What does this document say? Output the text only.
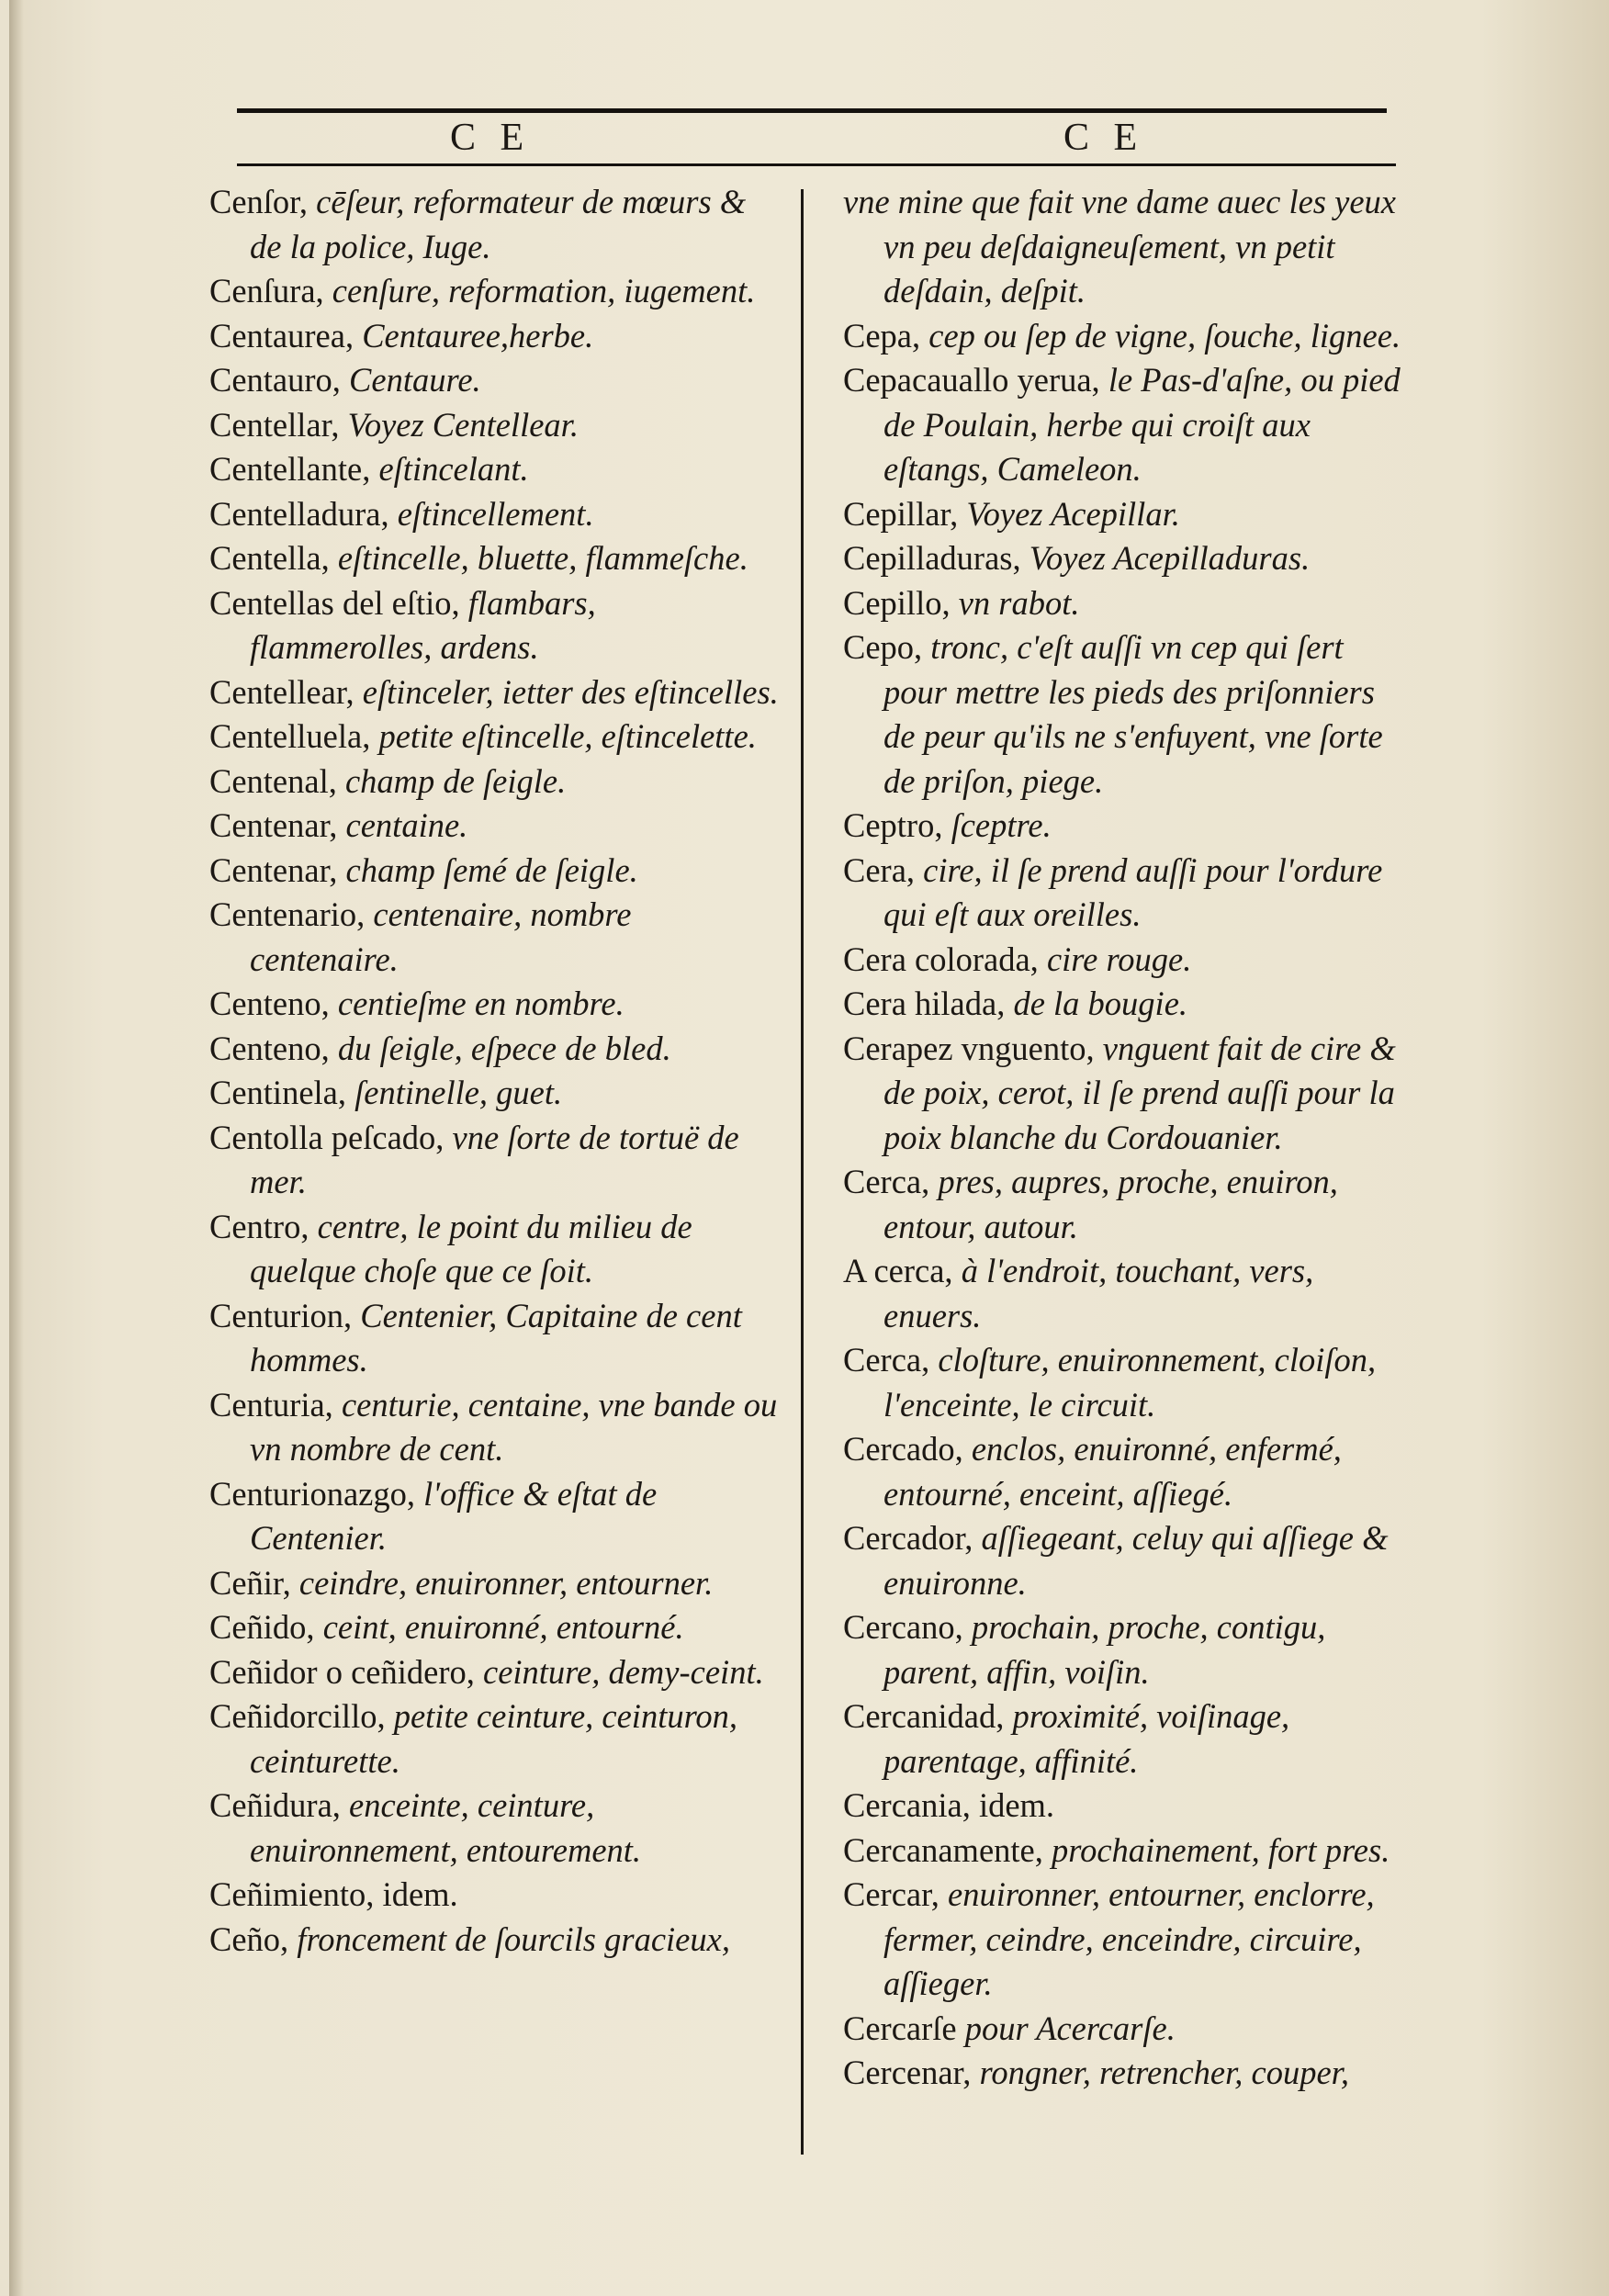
C E	C E

Cenſor, cēſeur, reformateur de mœurs & de la police, Iuge.

Cenſura, cenſure, reformation, iugement.

Centaurea, Centauree,herbe.

Centauro, Centaure.

Centellar, Voyez Centellear.

Centellante, eſtincelant.

Centelladura, eſtincellement.

Centella, eſtincelle, bluette, flammeſche.

Centellas del eſtio, flambars, flammerolles, ardens.

Centellear, eſtinceler, ietter des eſtincelles.

Centelluela, petite eſtincelle, eſtincelette.

Centenal, champ de ſeigle.

Centenar, centaine.

Centenar, champ ſemé de ſeigle.

Centenario, centenaire, nombre centenaire.

Centeno, centieſme en nombre.

Centeno, du ſeigle, eſpece de bled.

Centinela, ſentinelle, guet.

Centolla peſcado, vne ſorte de tortuë de mer.

Centro, centre, le point du milieu de quelque choſe que ce ſoit.

Centurion, Centenier, Capitaine de cent hommes.

Centuria, centurie, centaine, vne bande ou vn nombre de cent.

Centurionazgo, l'office & eſtat de Centenier.

Ceñir, ceindre, enuironner, entourner.

Ceñido, ceint, enuironné, entourné.

Ceñidor o ceñidero, ceinture, demy-ceint.

Ceñidorcillo, petite ceinture, ceinturon, ceinturette.

Ceñidura, enceinte, ceinture, enuironnement, entourement.

Ceñimiento, idem.

Ceño, froncement de ſourcils gracieux,

vne mine que fait vne dame auec les yeux vn peu deſdaigneuſement, vn petit deſdain, deſpit.

Cepa, cep ou ſep de vigne, ſouche, lignee.

Cepacauallo yerua, le Pas-d'aſne, ou pied de Poulain, herbe qui croiſt aux eſtangs, Cameleon.

Cepillar, Voyez Acepillar.

Cepilladuras, Voyez Acepilladuras.

Cepillo, vn rabot.

Cepo, tronc, c'eſt auſſi vn cep qui ſert pour mettre les pieds des priſonniers de peur qu'ils ne s'enfuyent, vne ſorte de priſon, piege.

Ceptro, ſceptre.

Cera, cire, il ſe prend auſſi pour l'ordure qui eſt aux oreilles.

Cera colorada, cire rouge.

Cera hilada, de la bougie.

Cerapez vnguento, vnguent fait de cire & de poix, cerot, il ſe prend auſſi pour la poix blanche du Cordouanier.

Cerca, pres, aupres, proche, enuiron, entour, autour.

A cerca, à l'endroit, touchant, vers, enuers.

Cerca, cloſture, enuironnement, cloiſon, l'enceinte, le circuit.

Cercado, enclos, enuironné, enfermé, entourné, enceint, aſſiegé.

Cercador, aſſiegeant, celuy qui aſſiege & enuironne.

Cercano, prochain, proche, contigu, parent, affin, voiſin.

Cercanidad, proximité, voiſinage, parentage, affinité.

Cercania, idem.

Cercanamente, prochainement, fort pres.

Cercar, enuironner, entourner, enclorre, fermer, ceindre, enceindre, circuire, aſſieger.

Cercarſe pour Acercarſe.

Cercenar, rongner, retrencher, couper,
